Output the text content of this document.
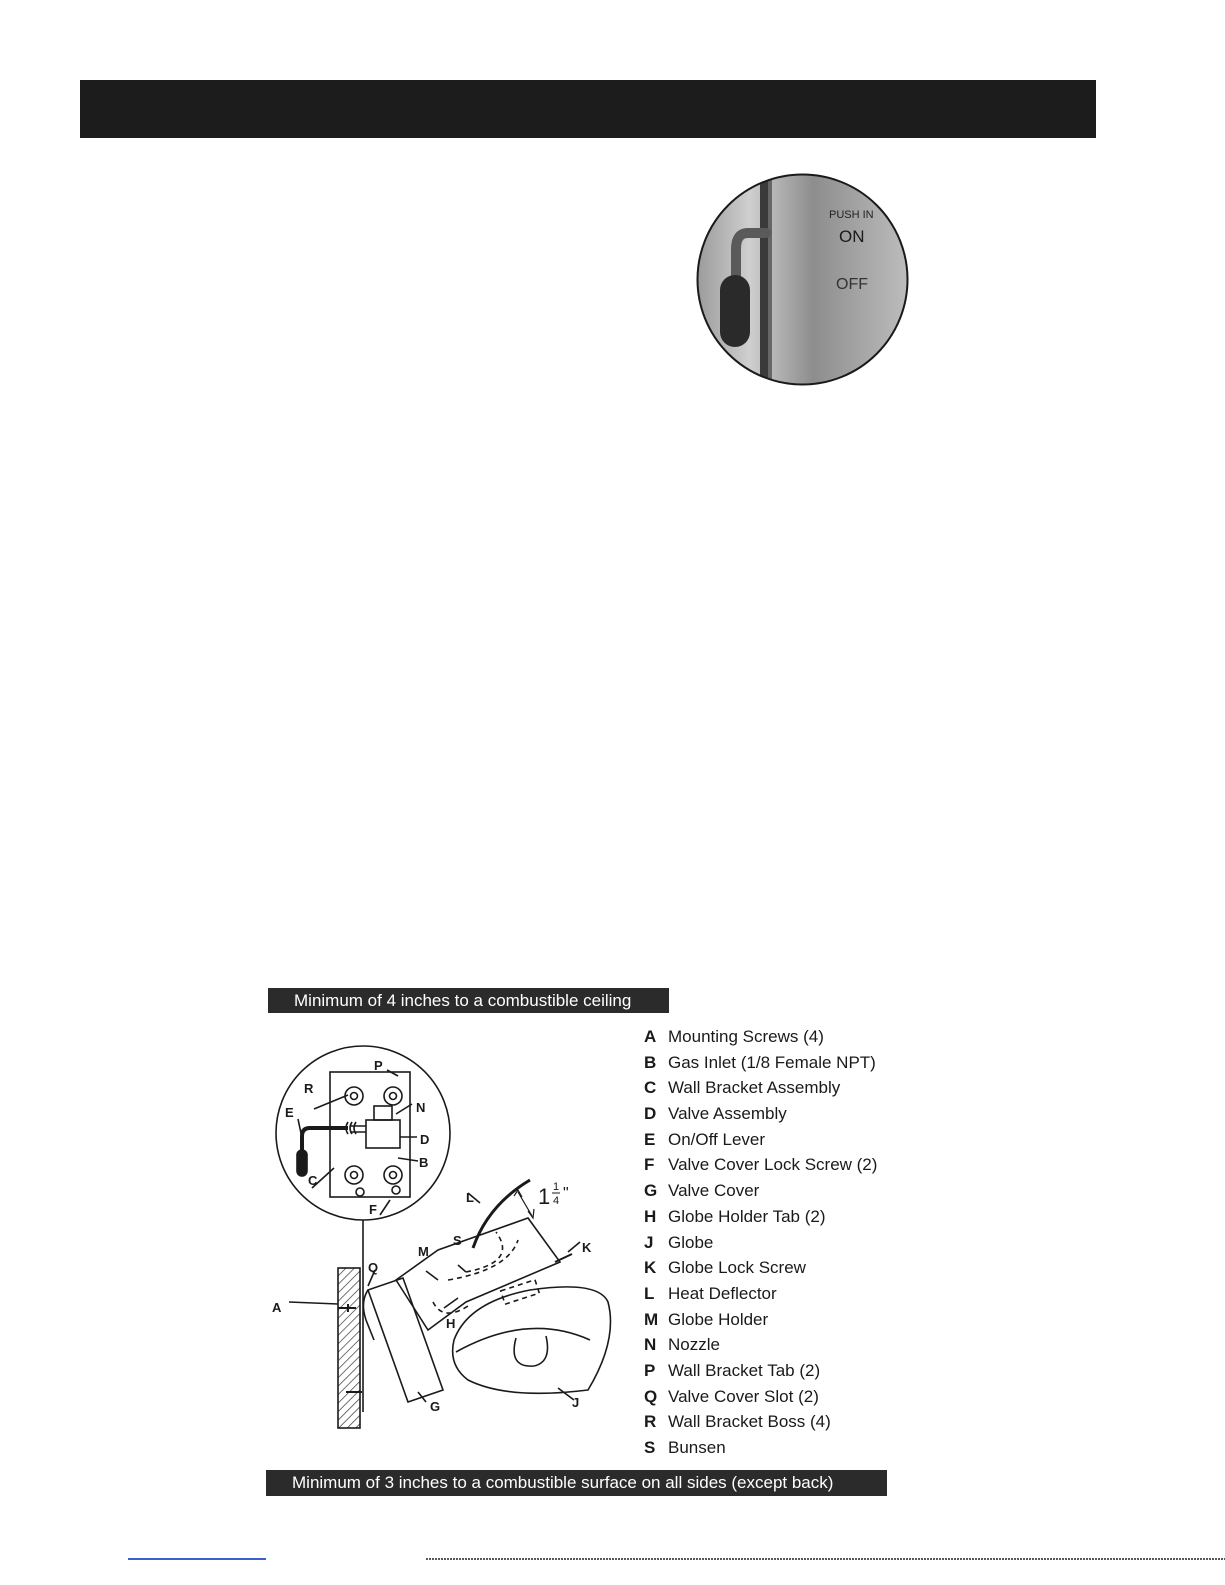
PUSH IN
ON
OFF
Minimum of 4 inches to a combustible ceiling
R
P
E	N
D
B
C
F
L
K
S
M
Q
A
H
G	J
1 1
4 "
A Mounting Screws (4)
B Gas Inlet (1/8 Female NPT)
C Wall Bracket Assembly
D Valve Assembly
E On/Off Lever
F Valve Cover Lock Screw (2)
G Valve Cover
H Globe Holder Tab (2)
J Globe
K Globe Lock Screw
L Heat Deflector
M Globe Holder
N Nozzle
P Wall Bracket Tab (2)
Q Valve Cover Slot (2)
R Wall Bracket Boss (4)
S Bunsen
Minimum of 3 inches to a combustible surface on all sides (except back)
